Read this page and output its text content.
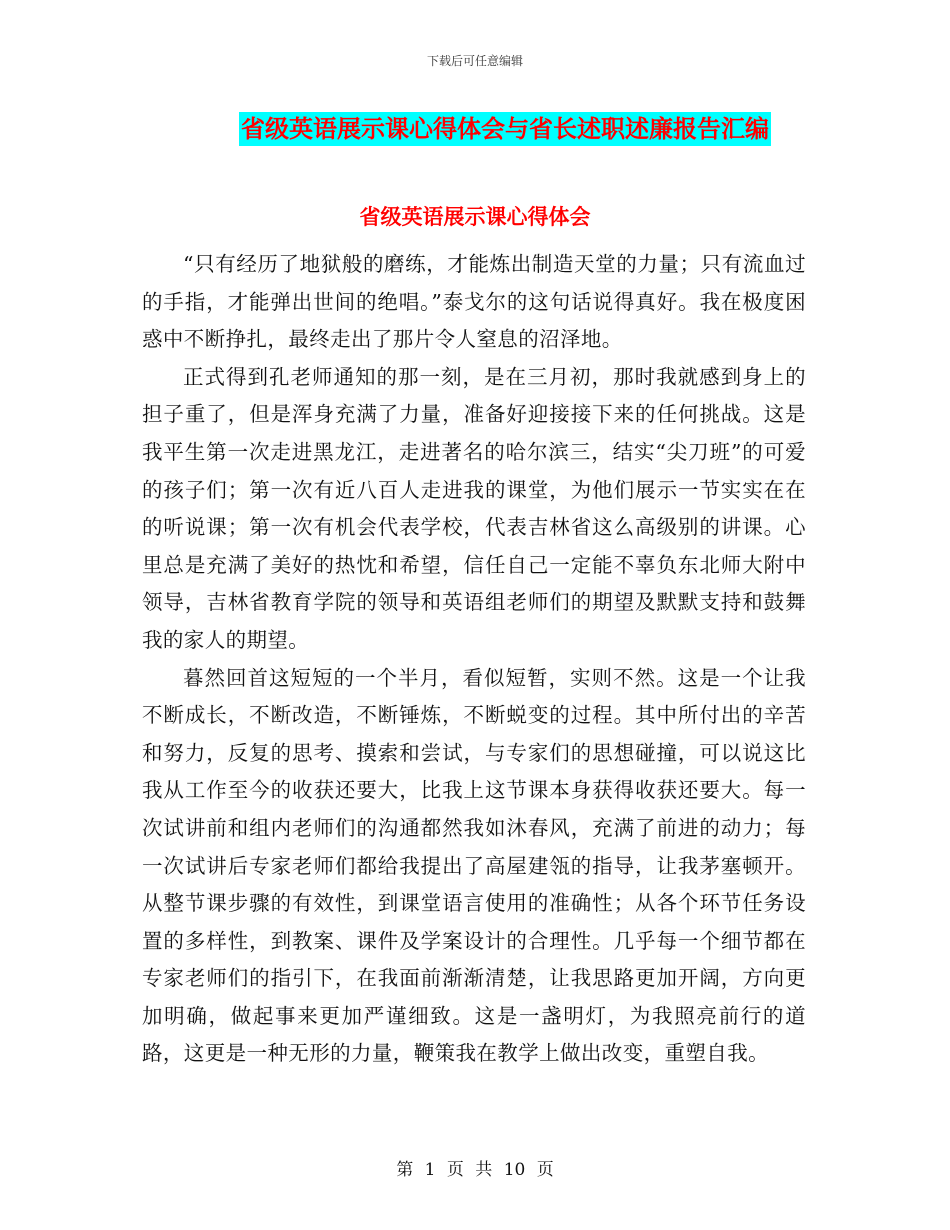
下载后可任意编辑
省级英语展示课心得体会与省长述职述廉报告汇编
省级英语展示课心得体会

“只有经历了地狱般的磨练，才能炼出制造天堂的力量；只有流血过的手指，才能弹出世间的绝唱。”泰戈尔的这句话说得真好。我在极度困惑中不断挣扎，最终走出了那片令人窒息的沼泽地。

正式得到孔老师通知的那一刻，是在三月初，那时我就感到身上的担子重了，但是浑身充满了力量，准备好迎接接下来的任何挑战。这是我平生第一次走进黑龙江，走进著名的哈尔滨三，结实“尖刀班”的可爱的孩子们；第一次有近八百人走进我的课堂，为他们展示一节实实在在的听说课；第一次有机会代表学校，代表吉林省这么高级别的讲课。心里总是充满了美好的热忱和希望，信任自己一定能不辜负东北师大附中领导，吉林省教育学院的领导和英语组老师们的期望及默默支持和鼓舞我的家人的期望。

暮然回首这短短的一个半月，看似短暂，实则不然。这是一个让我不断成长，不断改造，不断锤炼，不断蜕变的过程。其中所付出的辛苦和努力，反复的思考、摸索和尝试，与专家们的思想碰撞，可以说这比我从工作至今的收获还要大，比我上这节课本身获得收获还要大。每一次试讲前和组内老师们的沟通都然我如沐春风，充满了前进的动力；每一次试讲后专家老师们都给我提出了高屋建瓴的指导，让我茅塞顿开。从整节课步骤的有效性，到课堂语言使用的准确性；从各个环节任务设置的多样性，到教案、课件及学案设计的合理性。几乎每一个细节都在专家老师们的指引下，在我面前渐渐清楚，让我思路更加开阔，方向更加明确，做起事来更加严谨细致。这是一盏明灯，为我照亮前行的道路，这更是一种无形的力量，鞭策我在教学上做出改变，重塑自我。

第 1 页 共 10 页
